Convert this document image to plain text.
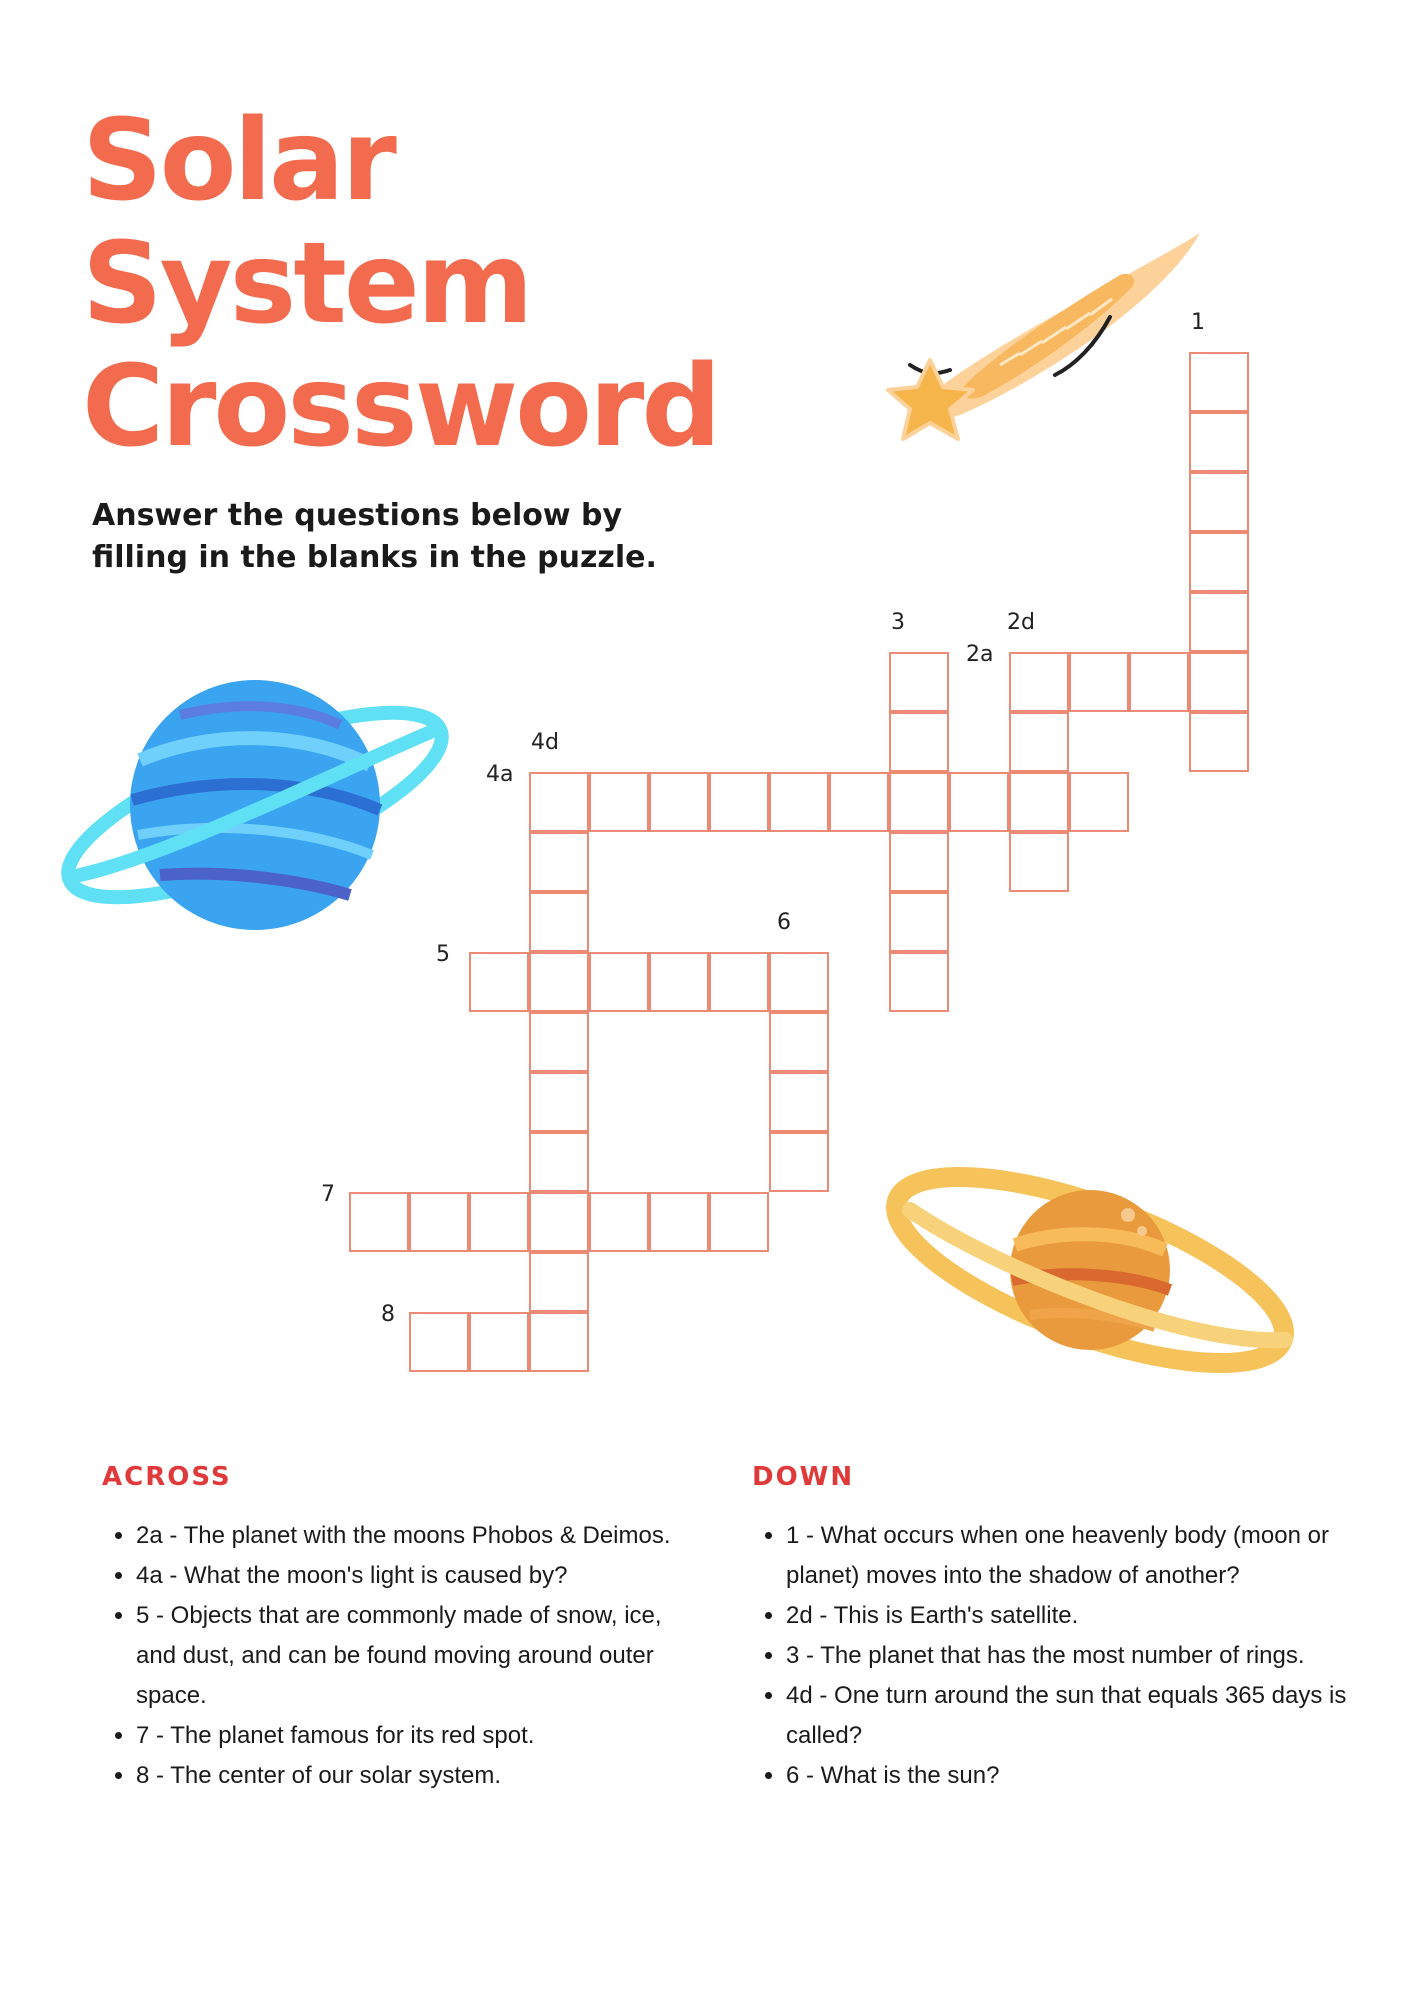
Solar
System
Crossword

Answer the questions below by filling in the blanks in the puzzle.

1
2a
2d
3
4a
4d
5
6
7
8
ACROSS
• 2a - The planet with the moons Phobos & Deimos.
• 4a - What the moon's light is caused by?
• 5 - Objects that are commonly made of snow, ice, and dust, and can be found moving around outer space.
• 7 - The planet famous for its red spot.
• 8 - The center of our solar system.
DOWN
• 1 - What occurs when one heavenly body (moon or planet) moves into the shadow of another?
• 2d - This is Earth's satellite.
• 3 - The planet that has the most number of rings.
• 4d - One turn around the sun that equals 365 days is called?
• 6 - What is the sun?
